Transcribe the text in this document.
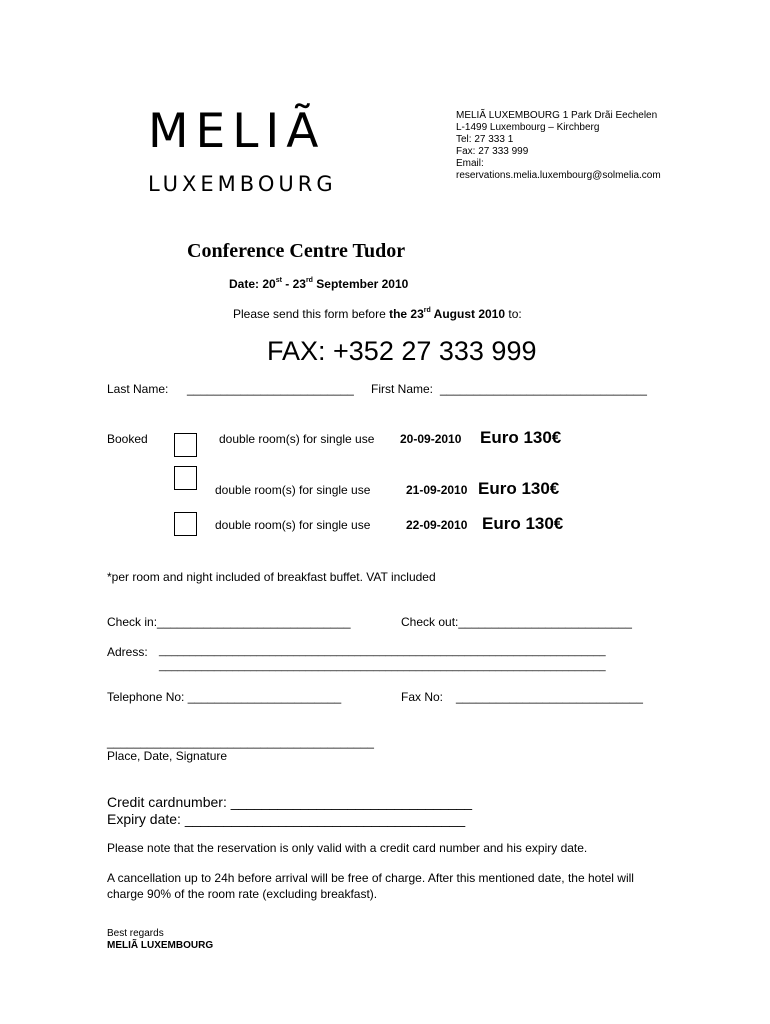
MELIÃ
LUXEMBOURG
MELIÃ LUXEMBOURG 1 Park Drãi Eechelen
L-1499 Luxembourg – Kirchberg
Tel: 27 333 1
Fax: 27 333 999
Email:
reservations.melia.luxembourg@solmelia.com
Conference Centre Tudor
Date: 20st - 23rd September 2010
Please send this form before the 23rd August 2010 to:
FAX: +352 27 333 999
Last Name: _________________________ First Name: _______________________________
Booked	double room(s) for single use 20-09-2010 Euro 130€
double room(s) for single use	21-09-2010 Euro 130€
double room(s) for single use	22-09-2010 Euro 130€
*per room and night included of breakfast buffet. VAT included
Check in:_____________________________	Check out:__________________________
Adress: _________________________________________________________________________
_________________________________________________________________________
Telephone No: _______________________	Fax No: ____________________________
________________________________________
Place, Date, Signature
Credit cardnumber: _______________________________
Expiry date: ____________________________________
Please note that the reservation is only valid with a credit card number and his expiry date.
A cancellation up to 24h before arrival will be free of charge. After this mentioned date, the hotel will
charge 90% of the room rate (excluding breakfast).
Best regards
MELIÃ LUXEMBOURG
